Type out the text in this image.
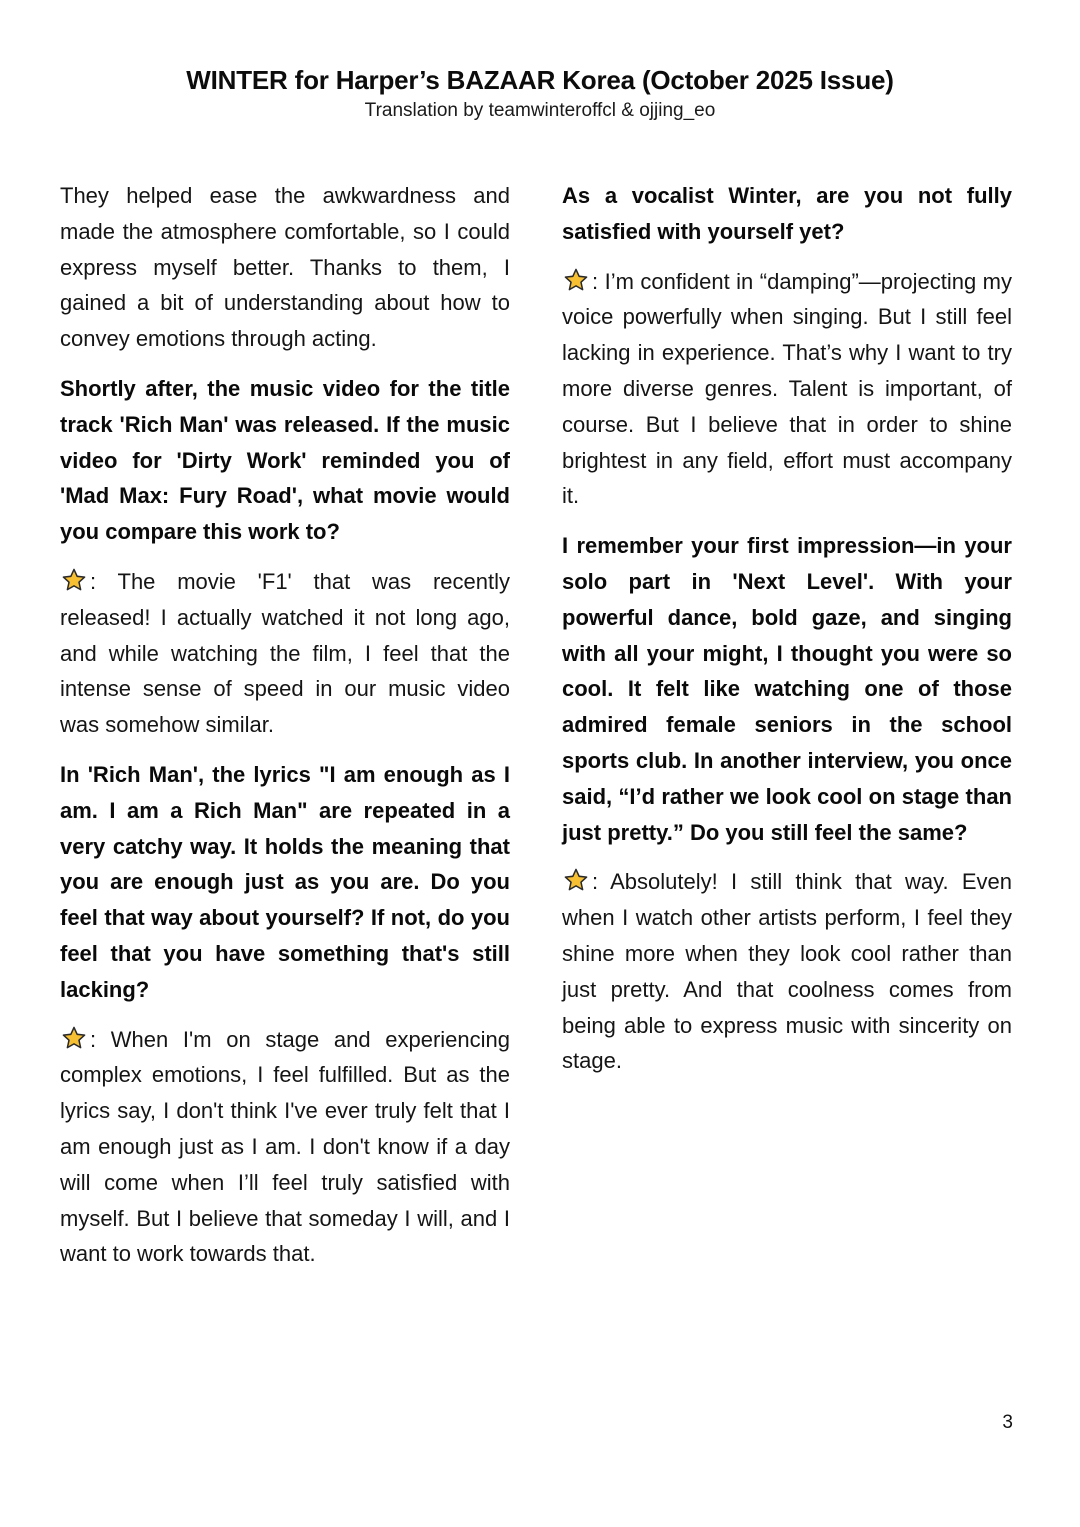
WINTER for Harper’s BAZAAR Korea (October 2025 Issue)
Translation by teamwinteroffcl & ojjing_eo

They helped ease the awkwardness and made the atmosphere comfortable, so I could express myself better. Thanks to them, I gained a bit of understanding about how to convey emotions through acting.

Shortly after, the music video for the title track 'Rich Man' was released. If the music video for 'Dirty Work' reminded you of 'Mad Max: Fury Road', what movie would you compare this work to?

: The movie 'F1' that was recently released! I actually watched it not long ago, and while watching the film, I feel that the intense sense of speed in our music video was somehow similar.

In 'Rich Man', the lyrics "I am enough as I am. I am a Rich Man" are repeated in a very catchy way. It holds the meaning that you are enough just as you are. Do you feel that way about yourself? If not, do you feel that you have something that's still lacking?

: When I'm on stage and experiencing complex emotions, I feel fulfilled. But as the lyrics say, I don't think I've ever truly felt that I am enough just as I am. I don't know if a day will come when I’ll feel truly satisfied with myself. But I believe that someday I will, and I want to work towards that.

As a vocalist Winter, are you not fully satisfied with yourself yet?

: I’m confident in “damping”—projecting my voice powerfully when singing. But I still feel lacking in experience. That’s why I want to try more diverse genres. Talent is important, of course. But I believe that in order to shine brightest in any field, effort must accompany it.

I remember your first impression—in your solo part in 'Next Level'. With your powerful dance, bold gaze, and singing with all your might, I thought you were so cool. It felt like watching one of those admired female seniors in the school sports club. In another interview, you once said, “I’d rather we look cool on stage than just pretty.” Do you still feel the same?

: Absolutely! I still think that way. Even when I watch other artists perform, I feel they shine more when they look cool rather than just pretty. And that coolness comes from being able to express music with sincerity on stage.

3
